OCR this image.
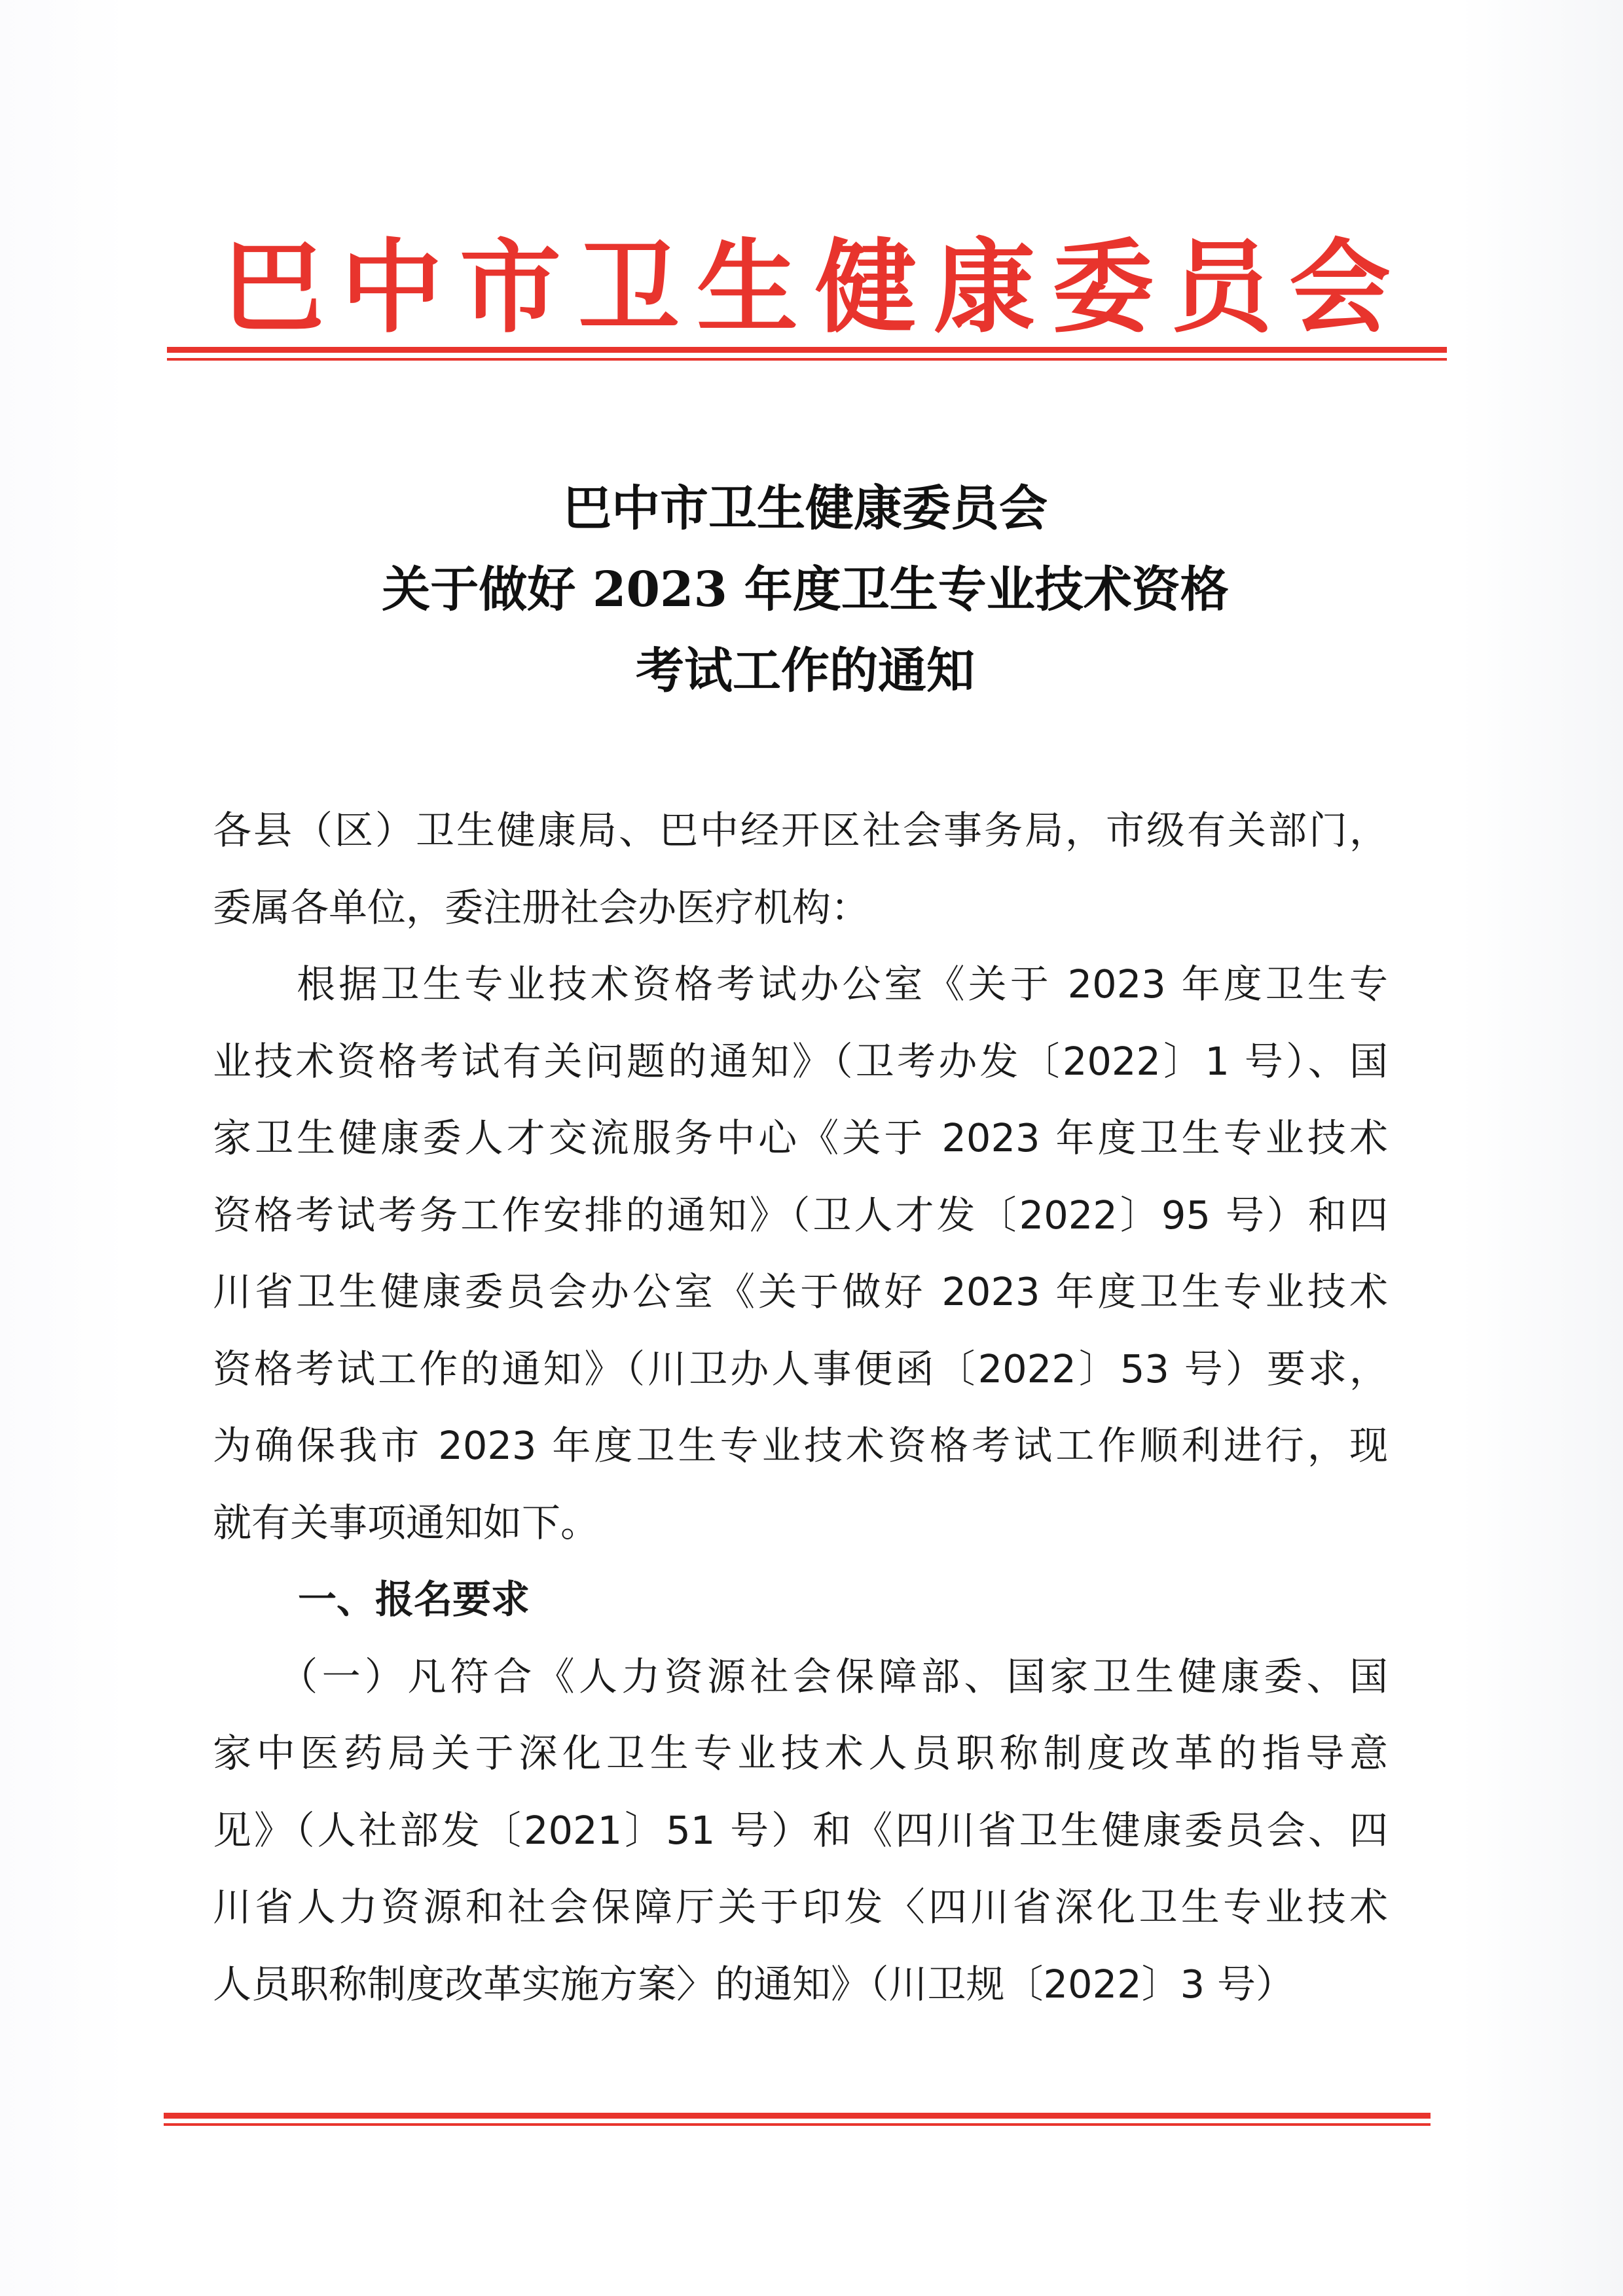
巴中市卫生健康委员会
巴中市卫生健康委员会
关于做好 2023 年度卫生专业技术资格
考试工作的通知
各县（区）卫生健康局、巴中经开区社会事务局，市级有关部门，
委属各单位，委注册社会办医疗机构：
　　根据卫生专业技术资格考试办公室《关于 2023 年度卫生专
业技术资格考试有关问题的通知》（卫考办发〔2022〕1 号）、国
家卫生健康委人才交流服务中心《关于 2023 年度卫生专业技术
资格考试考务工作安排的通知》（卫人才发〔2022〕95 号）和四
川省卫生健康委员会办公室《关于做好 2023 年度卫生专业技术
资格考试工作的通知》（川卫办人事便函〔2022〕53 号）要求，
为确保我市 2023 年度卫生专业技术资格考试工作顺利进行，现
就有关事项通知如下。
一、报名要求
　　（一）凡符合《人力资源社会保障部、国家卫生健康委、国
家中医药局关于深化卫生专业技术人员职称制度改革的指导意
见》（人社部发〔2021〕51 号）和《四川省卫生健康委员会、四
川省人力资源和社会保障厅关于印发〈四川省深化卫生专业技术
人员职称制度改革实施方案〉的通知》（川卫规〔2022〕3 号）
